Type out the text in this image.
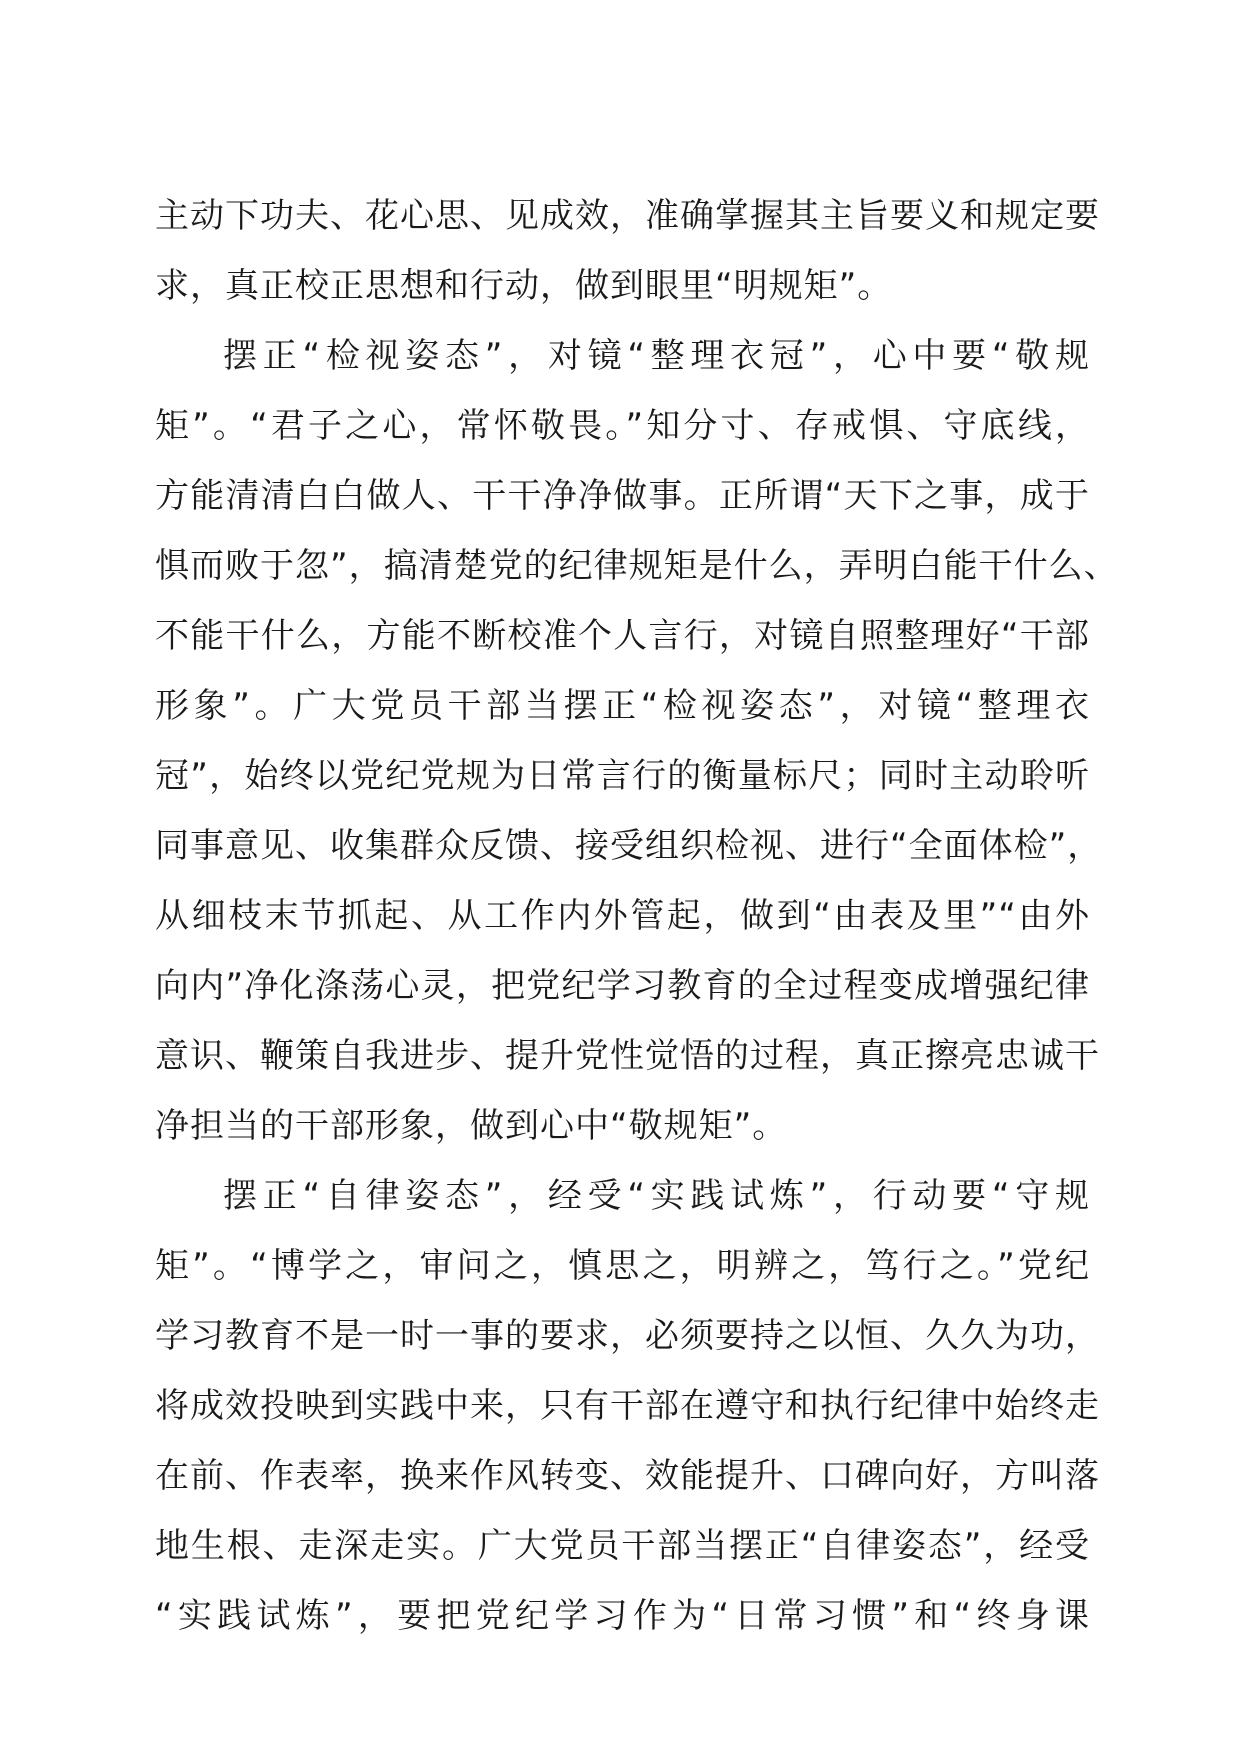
主动下功夫、花心思、见成效，准确掌握其主旨要义和规定要
求，真正校正思想和行动，做到眼里“明规矩”。
摆正“检视姿态”，对镜“整理衣冠”，心中要“敬规
矩”。“君子之心，常怀敬畏。”知分寸、存戒惧、守底线，
方能清清白白做人、干干净净做事。正所谓“天下之事，成于
惧而败于忽”，搞清楚党的纪律规矩是什么，弄明白能干什么、
不能干什么，方能不断校准个人言行，对镜自照整理好“干部
形象”。广大党员干部当摆正“检视姿态”，对镜“整理衣
冠”，始终以党纪党规为日常言行的衡量标尺；同时主动聆听
同事意见、收集群众反馈、接受组织检视、进行“全面体检”，
从细枝末节抓起、从工作内外管起，做到“由表及里”“由外
向内”净化涤荡心灵，把党纪学习教育的全过程变成增强纪律
意识、鞭策自我进步、提升党性觉悟的过程，真正擦亮忠诚干
净担当的干部形象，做到心中“敬规矩”。
摆正“自律姿态”，经受“实践试炼”，行动要“守规
矩”。“博学之，审问之，慎思之，明辨之，笃行之。”党纪
学习教育不是一时一事的要求，必须要持之以恒、久久为功，
将成效投映到实践中来，只有干部在遵守和执行纪律中始终走
在前、作表率，换来作风转变、效能提升、口碑向好，方叫落
地生根、走深走实。广大党员干部当摆正“自律姿态”，经受
“实践试炼”，要把党纪学习作为“日常习惯”和“终身课
